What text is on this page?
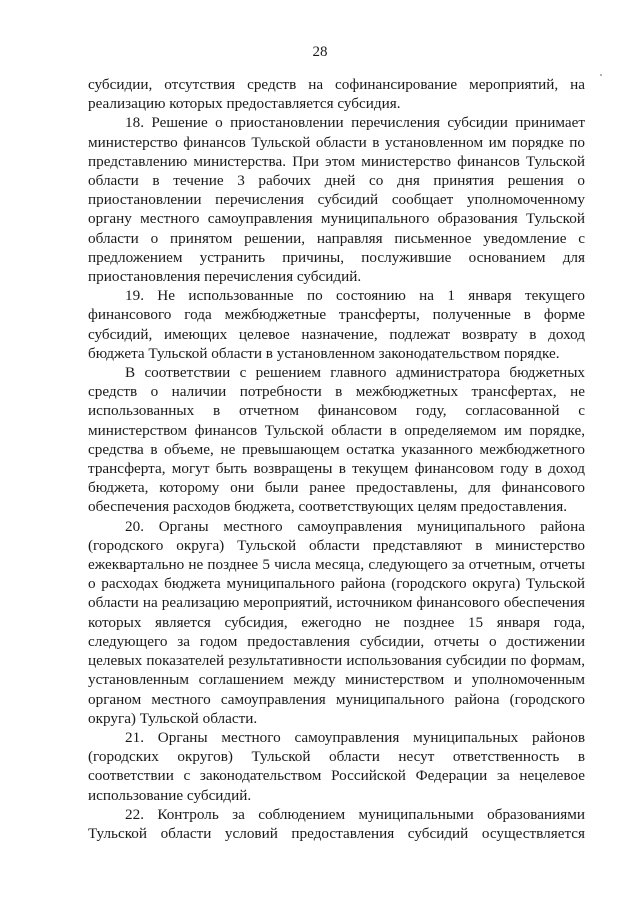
28

субсидии, отсутствия средств на софинансирование мероприятий, на реализацию которых предоставляется субсидия.

18. Решение о приостановлении перечисления субсидии принимает министерство финансов Тульской области в установленном им порядке по представлению министерства. При этом министерство финансов Тульской области в течение 3 рабочих дней со дня принятия решения о приостановлении перечисления субсидий сообщает уполномоченному органу местного самоуправления муниципального образования Тульской области о принятом решении, направляя письменное уведомление с предложением устранить причины, послужившие основанием для приостановления перечисления субсидий.

19. Не использованные по состоянию на 1 января текущего финансового года межбюджетные трансферты, полученные в форме субсидий, имеющих целевое назначение, подлежат возврату в доход бюджета Тульской области в установленном законодательством порядке.

В соответствии с решением главного администратора бюджетных средств о наличии потребности в межбюджетных трансфертах, не использованных в отчетном финансовом году, согласованной с министерством финансов Тульской области в определяемом им порядке, средства в объеме, не превышающем остатка указанного межбюджетного трансферта, могут быть возвращены в текущем финансовом году в доход бюджета, которому они были ранее предоставлены, для финансового обеспечения расходов бюджета, соответствующих целям предоставления.

20. Органы местного самоуправления муниципального района (городского округа) Тульской области представляют в министерство ежеквартально не позднее 5 числа месяца, следующего за отчетным, отчеты о расходах бюджета муниципального района (городского округа) Тульской области на реализацию мероприятий, источником финансового обеспечения которых является субсидия, ежегодно не позднее 15 января года, следующего за годом предоставления субсидии, отчеты о достижении целевых показателей результативности использования субсидии по формам, установленным соглашением между министерством и уполномоченным органом местного самоуправления муниципального района (городского округа) Тульской области.

21. Органы местного самоуправления муниципальных районов (городских округов) Тульской области несут ответственность в соответствии с законодательством Российской Федерации за нецелевое использование субсидий.

22. Контроль за соблюдением муниципальными образованиями Тульской области условий предоставления субсидий осуществляется
